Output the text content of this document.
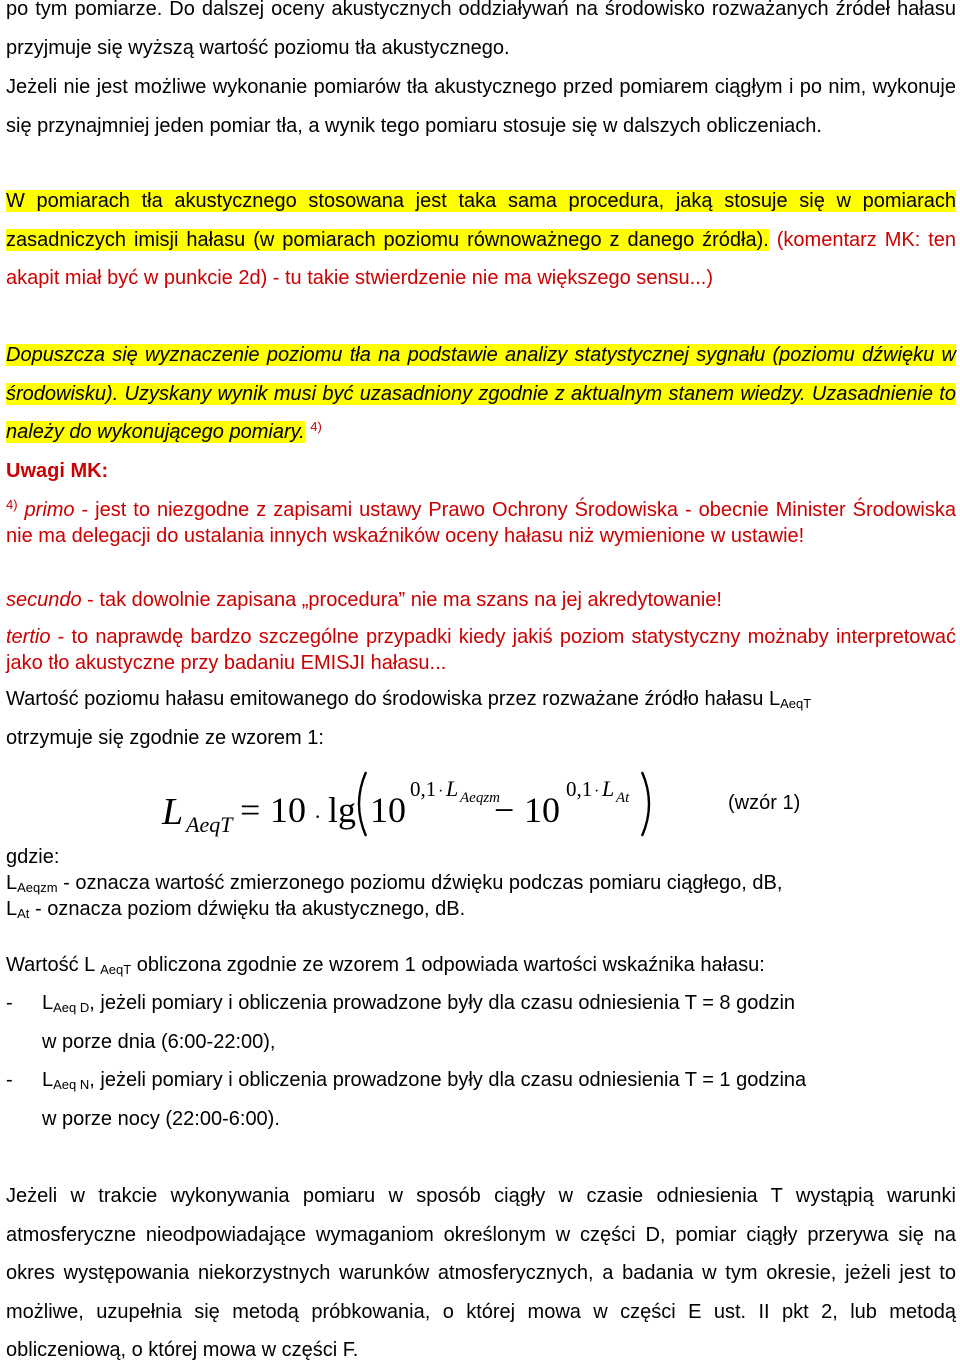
po tym pomiarze. Do dalszej oceny akustycznych oddziaływań na środowisko rozważanych źródeł hałasu przyjmuje się wyższą wartość poziomu tła akustycznego.

Jeżeli nie jest możliwe wykonanie pomiarów tła akustycznego przed pomiarem ciągłym i po nim, wykonuje się przynajmniej jeden pomiar tła, a wynik tego pomiaru stosuje się w dalszych obliczeniach.

W pomiarach tła akustycznego stosowana jest taka sama procedura, jaką stosuje się w pomiarach zasadniczych imisji hałasu (w pomiarach poziomu równoważnego z danego źródła). (komentarz MK: ten akapit miał być w punkcie 2d) - tu takie stwierdzenie nie ma większego sensu...)

Dopuszcza się wyznaczenie poziomu tła na podstawie analizy statystycznej sygnału (poziomu dźwięku w środowisku). Uzyskany wynik musi być uzasadniony zgodnie z aktualnym stanem wiedzy. Uzasadnienie to należy do wykonującego pomiary. $^{4)}$

Uwagi MK:

$^{4)}$ primo - jest to niezgodne z zapisami ustawy Prawo Ochrony Środowiska - obecnie Minister Środowiska nie ma delegacji do ustalania innych wskaźników oceny hałasu niż wymienione w ustawie!

secundo - tak dowolnie zapisana „procedura” nie ma szans na jej akredytowanie!

tertio - to naprawdę bardzo szczególne przypadki kiedy jakiś poziom statystyczny możnaby interpretować jako tło akustyczne przy badaniu EMISJI hałasu...

Wartość poziomu hałasu emitowanego do środowiska przez rozważane źródło hałasu $L_{AeqT}$

otrzymuje się zgodnie ze wzorem 1:

L AeqT = 10 · lg 10
0,1 · L Aeqzm
− 10
0,1 · L At	(wzór 1)

gdzie:

$L_{Aeqzm}$ - oznacza wartość zmierzonego poziomu dźwięku podczas pomiaru ciągłego, dB,

$L_{At}$ - oznacza poziom dźwięku tła akustycznego, dB.

Wartość L $_{AeqT}$ obliczona zgodnie ze wzorem 1 odpowiada wartości wskaźnika hałasu:

-	$L_{Aeq D}$, jeżeli pomiary i obliczenia prowadzone były dla czasu odniesienia T = 8 godzin

w porze dnia (6:00-22:00),

-	$L_{Aeq N}$, jeżeli pomiary i obliczenia prowadzone były dla czasu odniesienia T = 1 godzina

w porze nocy (22:00-6:00).

Jeżeli w trakcie wykonywania pomiaru w sposób ciągły w czasie odniesienia T wystąpią warunki atmosferyczne nieodpowiadające wymaganiom określonym w części D, pomiar ciągły przerywa się na okres występowania niekorzystnych warunków atmosferycznych, a badania w tym okresie, jeżeli jest to możliwe, uzupełnia się metodą próbkowania, o której mowa w części E ust. II pkt 2, lub metodą obliczeniową, o której mowa w części F.
